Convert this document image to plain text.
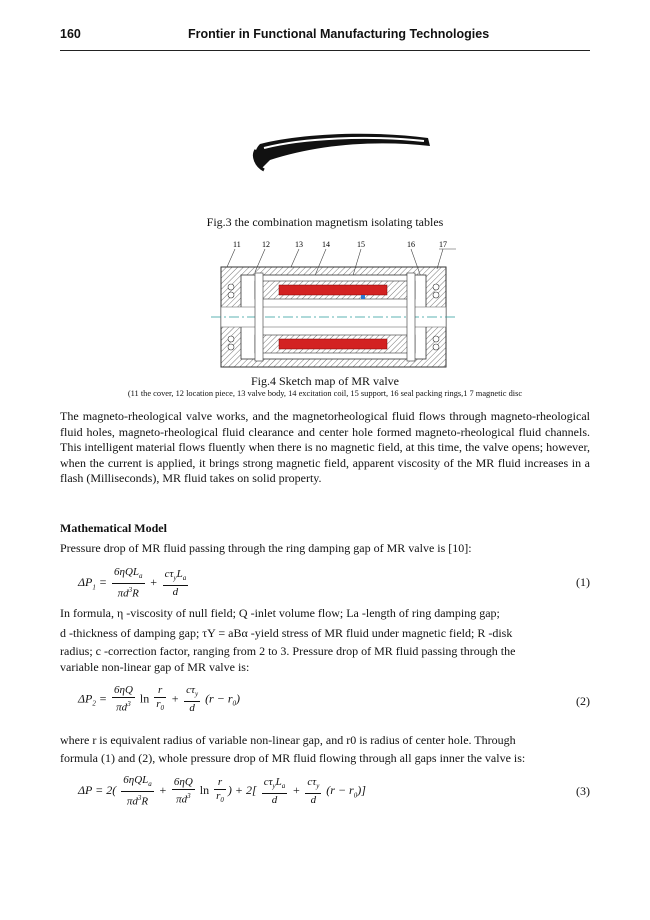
160	Frontier in Functional Manufacturing Technologies
Fig.3 the combination magnetism isolating tables
11	12	13 14	15	16	17
Fig.4 Sketch map of MR valve
(11 the cover, 12 location piece, 13 valve body, 14 excitation coil, 15 support, 16 seal packing rings,1 7 magnetic disc
The magneto-rheological valve works, and the magnetorheological fluid flows through magneto-rheological fluid holes, magneto-rheological fluid clearance and center hole formed magneto-rheological fluid channels. This intelligent material flows fluently when there is no magnetic field, at this time, the valve opens; however, when the current is applied, it brings strong magnetic field, apparent viscosity of the MR fluid increases in a flash (Milliseconds), MR fluid takes on solid property.
Mathematical Model
Pressure drop of MR fluid passing through the ring damping gap of MR valve is [10]:
$\Delta P_1$ =
6ηQL$_a$
$\pi d^3R$
+
$c\tau_yL_a$
d
(1)
In formula, η -viscosity of null field; Q -inlet volume flow; La -length of ring damping gap;
d -thickness of damping gap; τY = aBα -yield stress of MR fluid under magnetic field; R -disk
radius; c -correction factor, ranging from 2 to 3. Pressure drop of MR fluid passing through the
variable non-linear gap of MR valve is:
$\Delta P_2 = \frac{6\eta Q}{\pi d^3}$ $\ln \frac{r}{r_0}$ +
$c\tau_y$
d
$(r - r_0)$	(2)
where r is equivalent radius of variable non-linear gap, and r0 is radius of center hole. Through
formula (1) and (2), whole pressure drop of MR fluid flowing through all gaps inner the valve is:
ΔP = 2(
6ηQL$_a$
$\pi d^3R$
+ $\frac{6\eta Q}{\pi d^3}$ $\ln \frac{r}{r_0}$ ) + 2[
$c\tau_yL_a$
d
+
$c\tau_y$
d
$(r - r_0)$]	(3)
